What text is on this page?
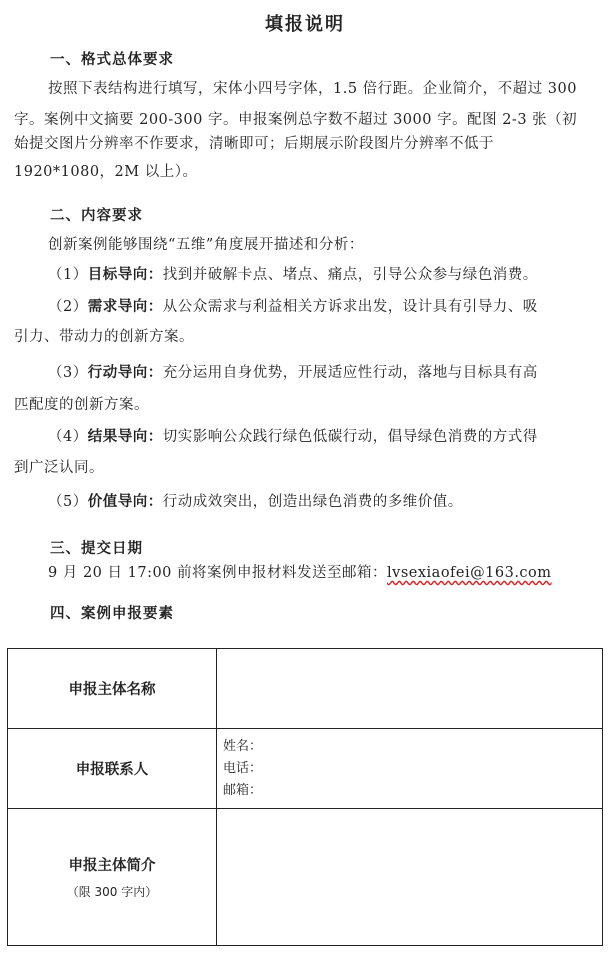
填报说明
一、格式总体要求
按照下表结构进行填写，宋体小四号字体，1.5 倍行距。企业简介，不超过 300
字。案例中文摘要 200-300 字。申报案例总字数不超过 3000 字。配图 2-3 张（初
始提交图片分辨率不作要求，清晰即可；后期展示阶段图片分辨率不低于
1920*1080，2M 以上）。
二、内容要求
创新案例能够围绕“五维”角度展开描述和分析：
（1）目标导向：找到并破解卡点、堵点、痛点，引导公众参与绿色消费。
（2）需求导向：从公众需求与利益相关方诉求出发，设计具有引导力、吸
引力、带动力的创新方案。
（3）行动导向：充分运用自身优势，开展适应性行动，落地与目标具有高
匹配度的创新方案。
（4）结果导向：切实影响公众践行绿色低碳行动，倡导绿色消费的方式得
到广泛认同。
（5）价值导向：行动成效突出，创造出绿色消费的多维价值。
三、提交日期
9 月 20 日 17:00 前将案例申报材料发送至邮箱：lvsexiaofei@163.com
四、案例申报要素
申报主体名称	
申报联系人	姓名：
电话：
邮箱：

申报主体简介
（限 300 字内）	
